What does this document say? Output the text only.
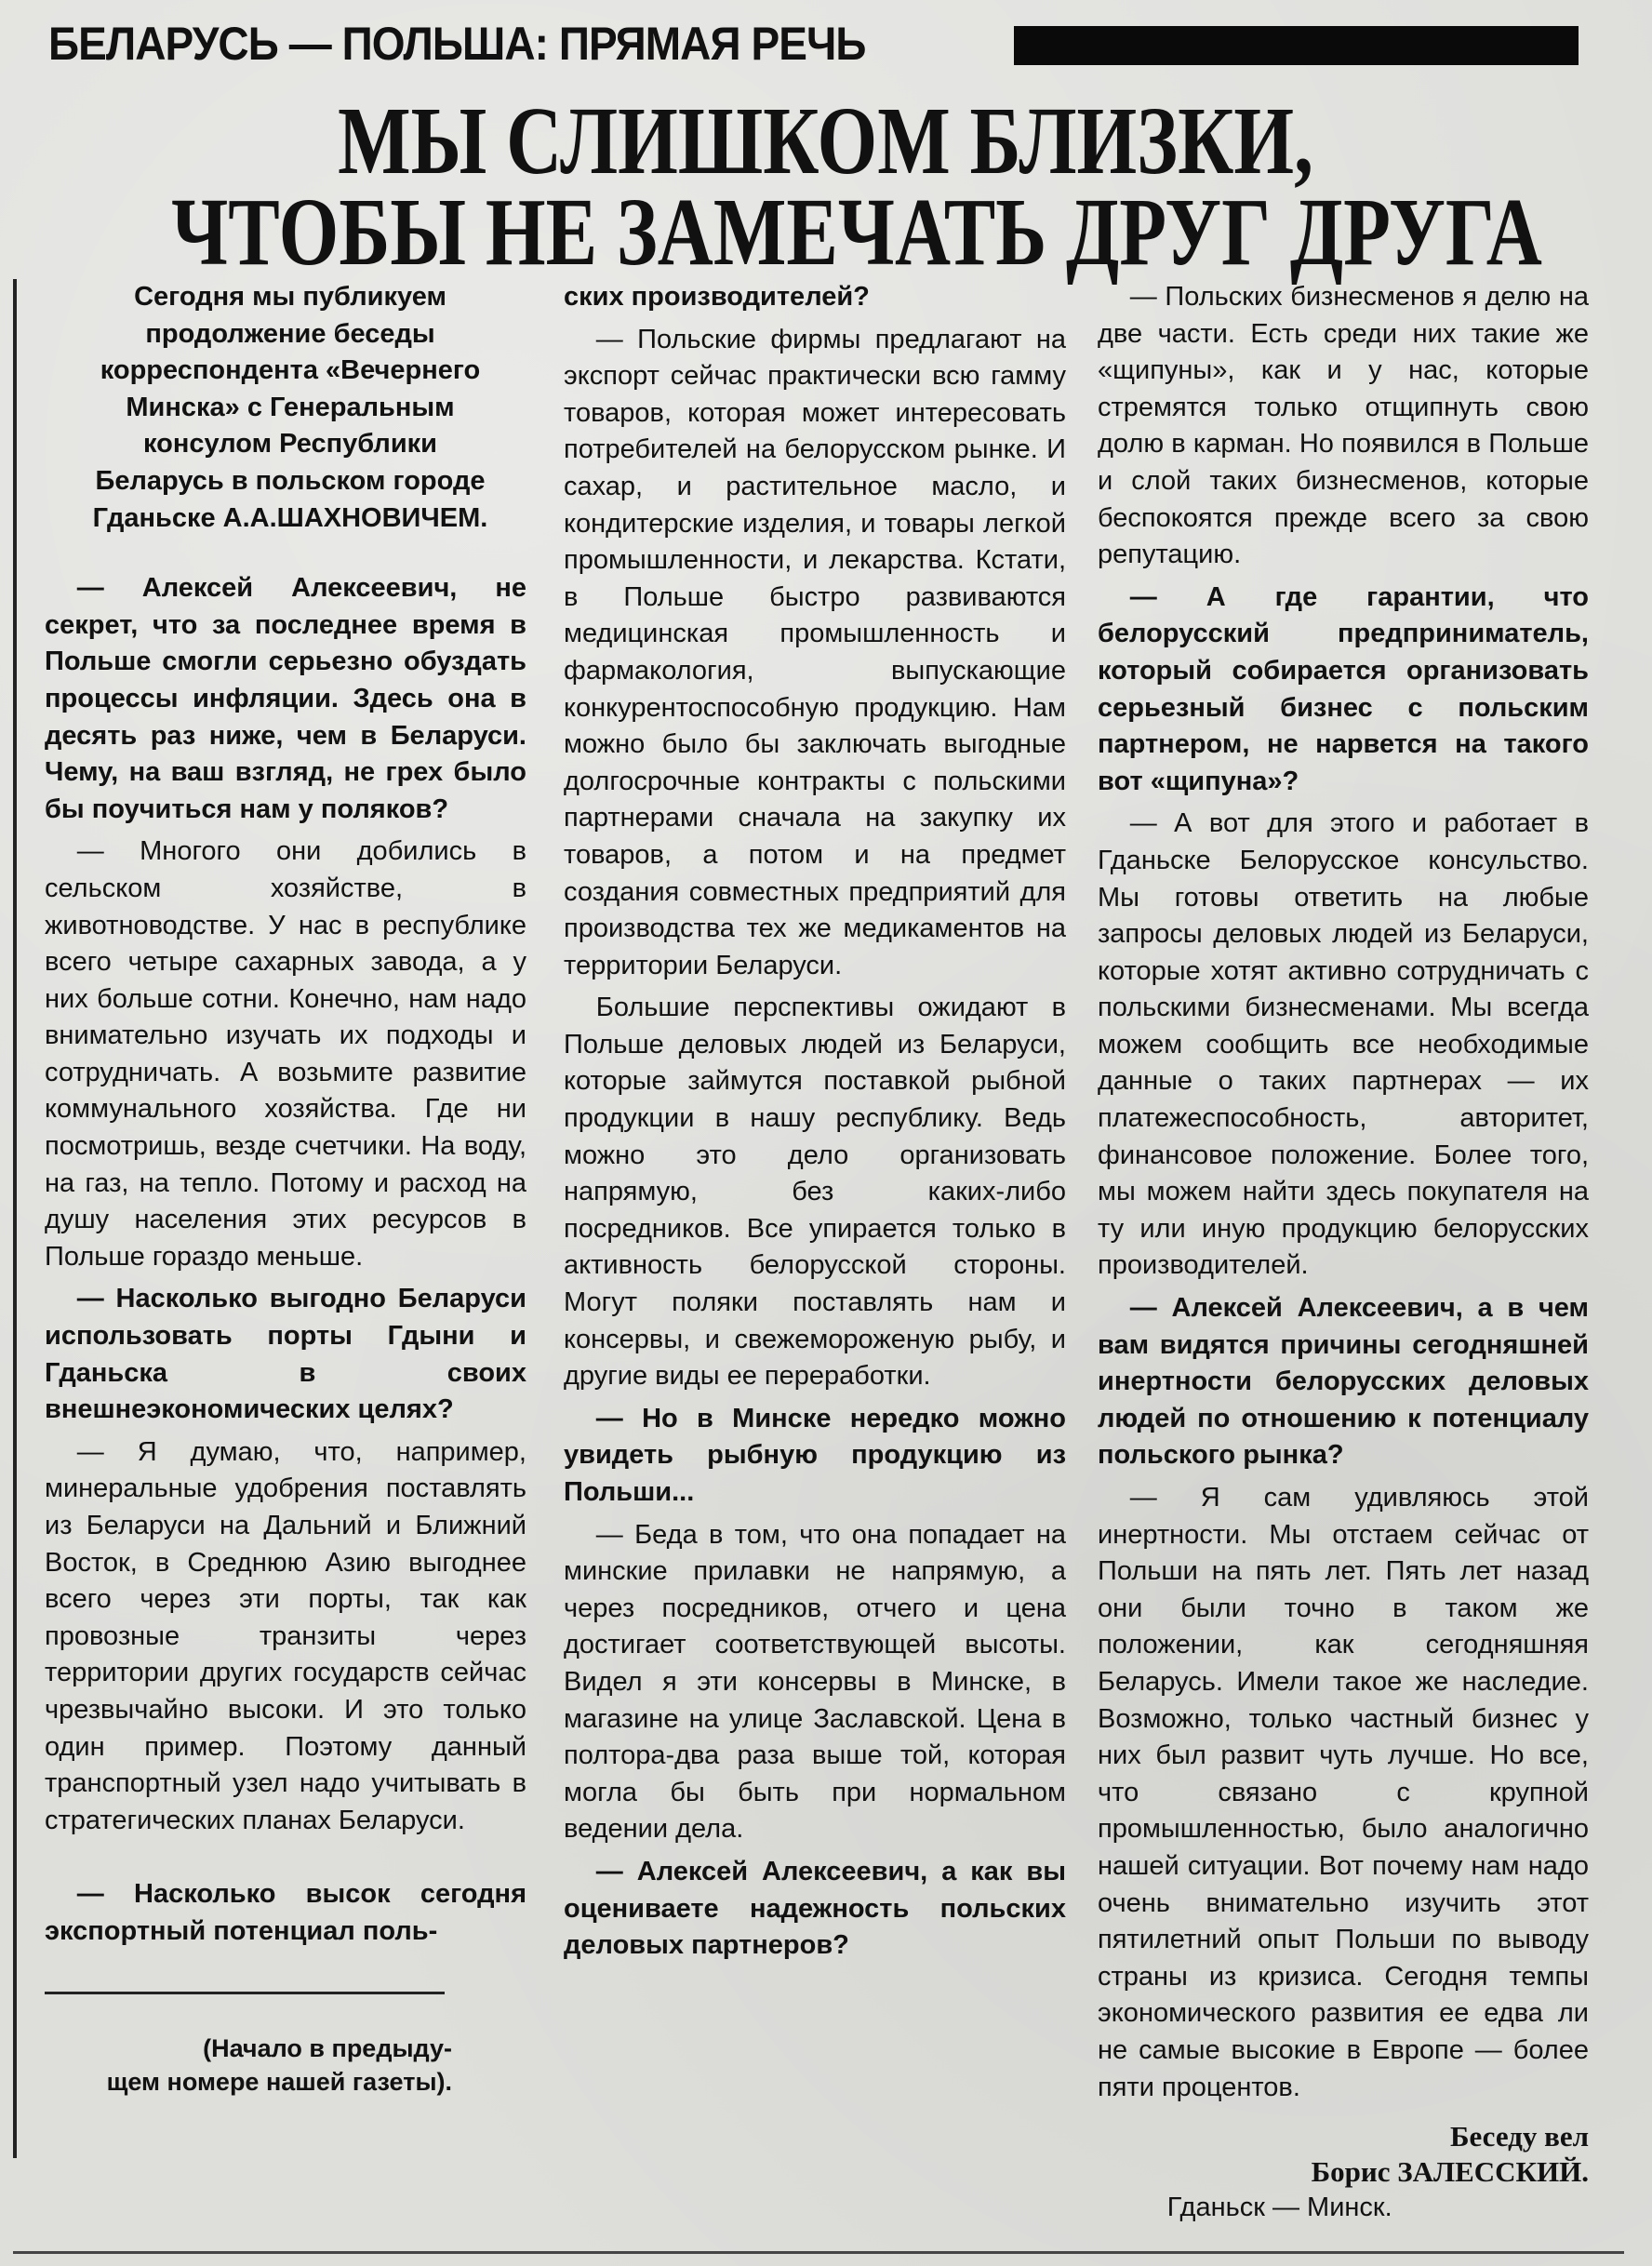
БЕЛАРУСЬ — ПОЛЬША: ПРЯМАЯ РЕЧЬ
МЫ СЛИШКОМ БЛИЗКИ,
ЧТОБЫ НЕ ЗАМЕЧАТЬ ДРУГ ДРУГА

Сегодня мы публикуем продолжение беседы корреспондента «Вечернего Минска» с Генеральным консулом Республики Беларусь в польском городе Гданьске А.А.ШАХНОВИЧЕМ.

— Алексей Алексеевич, не секрет, что за последнее время в Польше смогли серьезно обуздать процессы инфляции. Здесь она в десять раз ниже, чем в Беларуси. Чему, на ваш взгляд, не грех было бы поучиться нам у поляков?

— Многого они добились в сельском хозяйстве, в животноводстве. У нас в республике всего четыре сахарных завода, а у них больше сотни. Конечно, нам надо внимательно изучать их подходы и сотрудничать. А возьмите развитие коммунального хозяйства. Где ни посмотришь, везде счетчики. На воду, на газ, на тепло. Потому и расход на душу населения этих ресурсов в Польше гораздо меньше.

— Насколько выгодно Беларуси использовать порты Гдыни и Гданьска в своих внешнеэкономических целях?

— Я думаю, что, например, минеральные удобрения поставлять из Беларуси на Дальний и Ближний Восток, в Среднюю Азию выгоднее всего через эти порты, так как провозные транзиты через территории других государств сейчас чрезвычайно высоки. И это только один пример. Поэтому данный транспортный узел надо учитывать в стратегических планах Беларуси.

— Насколько высок сегодня экспортный потенциал поль-

(Начало в предыду-
щем номере нашей газеты).

ских производителей?

— Польские фирмы предлагают на экспорт сейчас практически всю гамму товаров, которая может интересовать потребителей на белорусском рынке. И сахар, и растительное масло, и кондитерские изделия, и товары легкой промышленности, и лекарства. Кстати, в Польше быстро развиваются медицинская промышленность и фармакология, выпускающие конкурентоспособную продукцию. Нам можно было бы заключать выгодные долгосрочные контракты с польскими партнерами сначала на закупку их товаров, а потом и на предмет создания совместных предприятий для производства тех же медикаментов на территории Беларуси.

Большие перспективы ожидают в Польше деловых людей из Беларуси, которые займутся поставкой рыбной продукции в нашу республику. Ведь можно это дело организовать напрямую, без каких-либо посредников. Все упирается только в активность белорусской стороны. Могут поляки поставлять нам и консервы, и свежемороженую рыбу, и другие виды ее переработки.

— Но в Минске нередко можно увидеть рыбную продукцию из Польши...

— Беда в том, что она попадает на минские прилавки не напрямую, а через посредников, отчего и цена достигает соответствующей высоты. Видел я эти консервы в Минске, в магазине на улице Заславской. Цена в полтора-два раза выше той, которая могла бы быть при нормальном ведении дела.

— Алексей Алексеевич, а как вы оцениваете надежность польских деловых партнеров?

— Польских бизнесменов я делю на две части. Есть среди них такие же «щипуны», как и у нас, которые стремятся только отщипнуть свою долю в карман. Но появился в Польше и слой таких бизнесменов, которые беспокоятся прежде всего за свою репутацию.

— А где гарантии, что белорусский предприниматель, который собирается организовать серьезный бизнес с польским партнером, не нарвется на такого вот «щипуна»?

— А вот для этого и работает в Гданьске Белорусское консульство. Мы готовы ответить на любые запросы деловых людей из Беларуси, которые хотят активно сотрудничать с польскими бизнесменами. Мы всегда можем сообщить все необходимые данные о таких партнерах — их платежеспособность, авторитет, финансовое положение. Более того, мы можем найти здесь покупателя на ту или иную продукцию белорусских производителей.

— Алексей Алексеевич, а в чем вам видятся причины сегодняшней инертности белорусских деловых людей по отношению к потенциалу польского рынка?

— Я сам удивляюсь этой инертности. Мы отстаем сейчас от Польши на пять лет. Пять лет назад они были точно в таком же положении, как сегодняшняя Беларусь. Имели такое же наследие. Возможно, только частный бизнес у них был развит чуть лучше. Но все, что связано с крупной промышленностью, было аналогично нашей ситуации. Вот почему нам надо очень внимательно изучить этот пятилетний опыт Польши по выводу страны из кризиса. Сегодня темпы экономического развития ее едва ли не самые высокие в Европе — более пяти процентов.

Беседу вел
Борис ЗАЛЕССКИЙ.

Гданьск — Минск.
